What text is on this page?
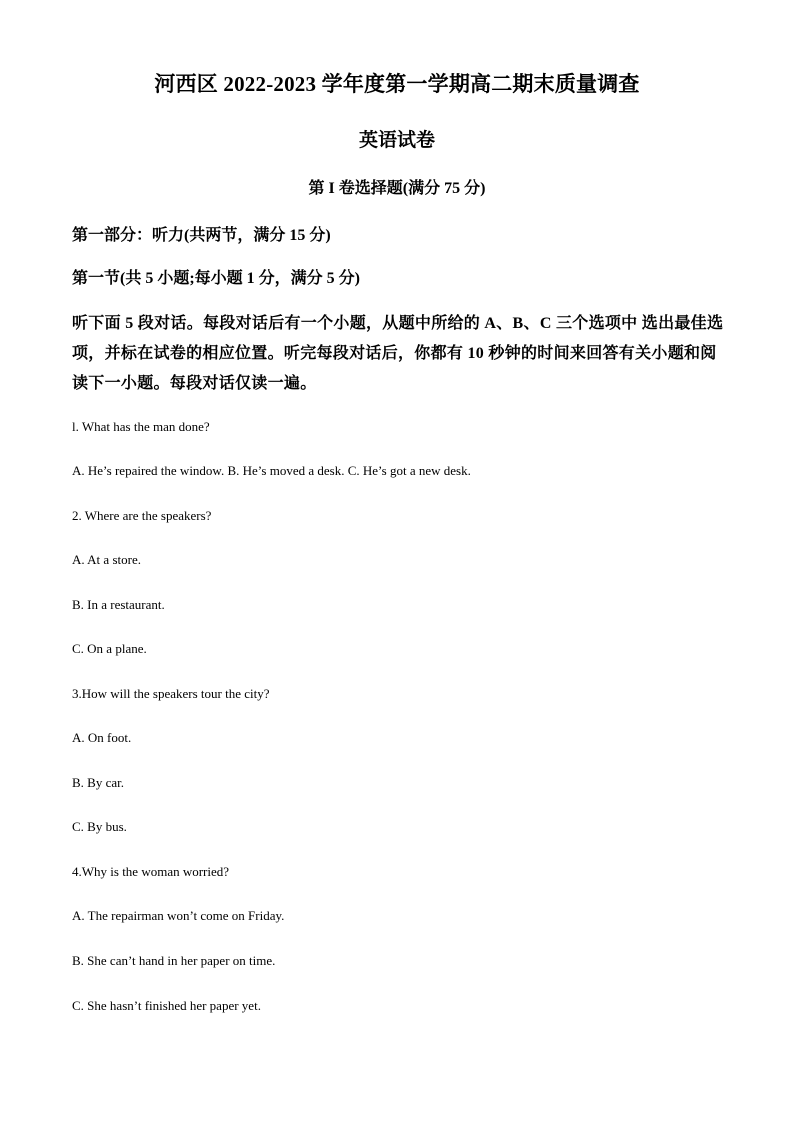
河西区 2022-2023 学年度第一学期高二期末质量调查
英语试卷
第 I 卷选择题(满分 75 分)
第一部分：听力(共两节，满分 15 分)
第一节(共 5 小题;每小题 1 分，满分 5 分)
听下面 5 段对话。每段对话后有一个小题，从题中所给的 A、B、C 三个选项中 选出最佳选项，并标在试卷的相应位置。听完每段对话后，你都有 10 秒钟的时间来回答有关小题和阅读下一小题。每段对话仅读一遍。
l. What has the man done?
A. He’s repaired the window. B. He’s moved a desk. C. He’s got a new desk.
2. Where are the speakers?
A. At a store.
B. In a restaurant.
C. On a plane.
3.How will the speakers tour the city?
A. On foot.
B. By car.
C. By bus.
4.Why is the woman worried?
A. The repairman won’t come on Friday.
B. She can’t hand in her paper on time.
C. She hasn’t finished her paper yet.
